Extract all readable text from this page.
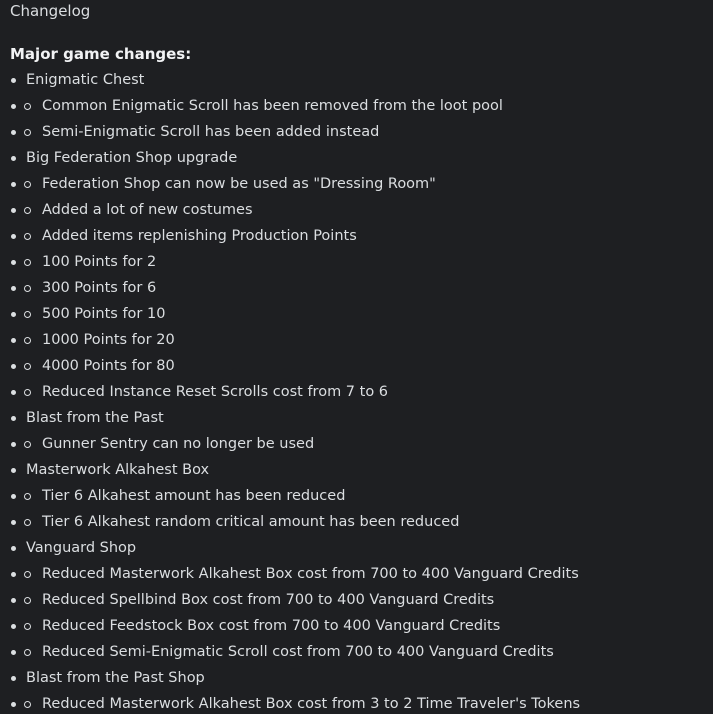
Changelog
Major game changes:
Enigmatic Chest
Common Enigmatic Scroll has been removed from the loot pool
Semi-Enigmatic Scroll has been added instead
Big Federation Shop upgrade
Federation Shop can now be used as "Dressing Room"
Added a lot of new costumes
Added items replenishing Production Points
100 Points for 2
300 Points for 6
500 Points for 10
1000 Points for 20
4000 Points for 80
Reduced Instance Reset Scrolls cost from 7 to 6
Blast from the Past
Gunner Sentry can no longer be used
Masterwork Alkahest Box
Tier 6 Alkahest amount has been reduced
Tier 6 Alkahest random critical amount has been reduced
Vanguard Shop
Reduced Masterwork Alkahest Box cost from 700 to 400 Vanguard Credits
Reduced Spellbind Box cost from 700 to 400 Vanguard Credits
Reduced Feedstock Box cost from 700 to 400 Vanguard Credits
Reduced Semi-Enigmatic Scroll cost from 700 to 400 Vanguard Credits
Blast from the Past Shop
Reduced Masterwork Alkahest Box cost from 3 to 2 Time Traveler's Tokens
